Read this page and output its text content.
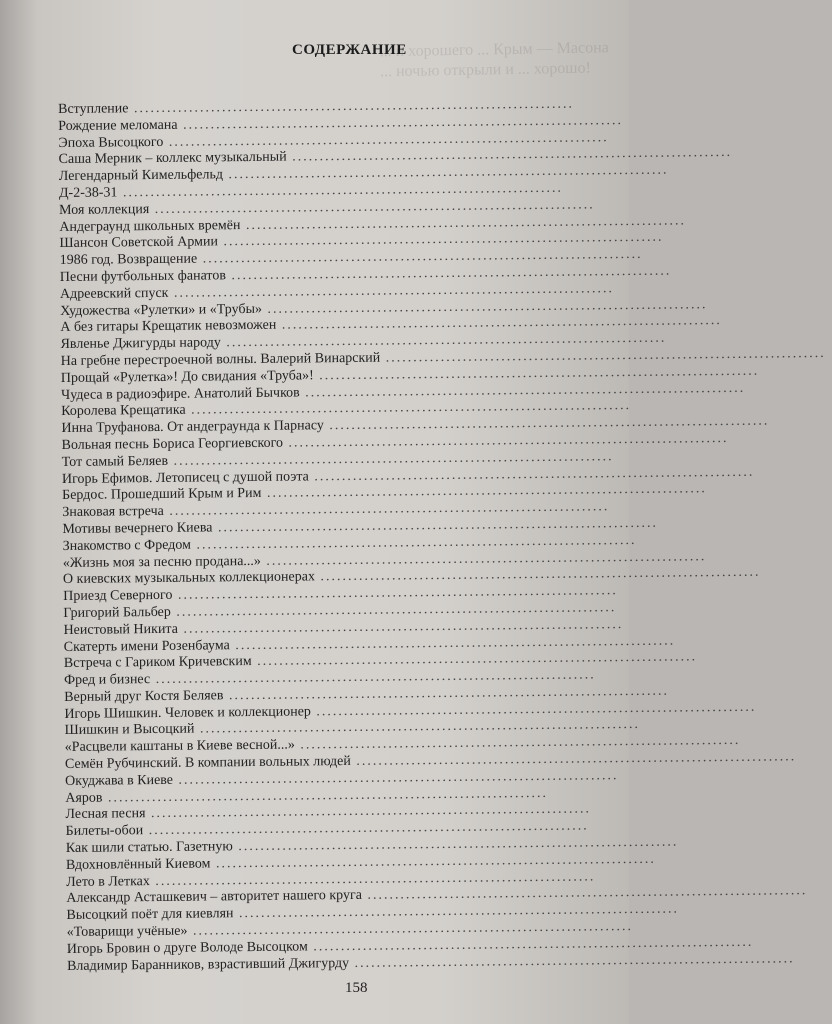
... и хорошего ... Крым — Масона
... ночью открыли и ... хорошо!
СОДЕРЖАНИЕ
Вступление ................................................................................
Рождение меломана ................................................................................
Эпоха Высоцкого ................................................................................
Саша Мерник – коллекс музыкальный ................................................................................
Легендарный Кимельфельд ................................................................................
Д-2-38-31 ................................................................................
Моя коллекция ................................................................................
Андеграунд школьных времён ................................................................................
Шансон Советской Армии ................................................................................
1986 год. Возвращение ................................................................................
Песни футбольных фанатов ................................................................................
Адреевский спуск ................................................................................
Художества «Рулетки» и «Трубы» ................................................................................
А без гитары Крещатик невозможен ................................................................................
Явленье Джигурды народу ................................................................................
На гребне перестроечной волны. Валерий Винарский ................................................................................
Прощай «Рулетка»! До свидания «Труба»! ................................................................................
Чудеса в радиоэфире. Анатолий Бычков ................................................................................
Королева Крещатика ................................................................................
Инна Труфанова. От андеграунда к Парнасу ................................................................................
Вольная песнь Бориса Георгиевского ................................................................................
Тот самый Беляев ................................................................................
Игорь Ефимов. Летописец с душой поэта ................................................................................
Бердос. Прошедший Крым и Рим ................................................................................
Знаковая встреча ................................................................................
Мотивы вечернего Киева ................................................................................
Знакомство с Фредом ................................................................................
«Жизнь моя за песню продана...» ................................................................................
О киевских музыкальных коллекционерах ................................................................................
Приезд Северного ................................................................................
Григорий Бальбер ................................................................................
Неистовый Никита ................................................................................
Скатерть имени Розенбаума ................................................................................
Встреча с Гариком Кричевским ................................................................................
Фред и бизнес ................................................................................
Верный друг Костя Беляев ................................................................................
Игорь Шишкин. Человек и коллекционер ................................................................................
Шишкин и Высоцкий ................................................................................
«Расцвели каштаны в Киеве весной...» ................................................................................
Семён Рубчинский. В компании вольных людей ................................................................................
Окуджава в Киеве ................................................................................
Аяров ................................................................................
Лесная песня ................................................................................
Билеты-обои ................................................................................
Как шили статью. Газетную ................................................................................
Вдохновлённый Киевом ................................................................................
Лето в Летках ................................................................................
Александр Асташкевич – авторитет нашего круга ................................................................................
Высоцкий поёт для киевлян ................................................................................
«Товарищи учёные» ................................................................................
Игорь Бровин о друге Володе Высоцком ................................................................................
Владимир Баранников, взрастивший Джигурду ................................................................................
158
